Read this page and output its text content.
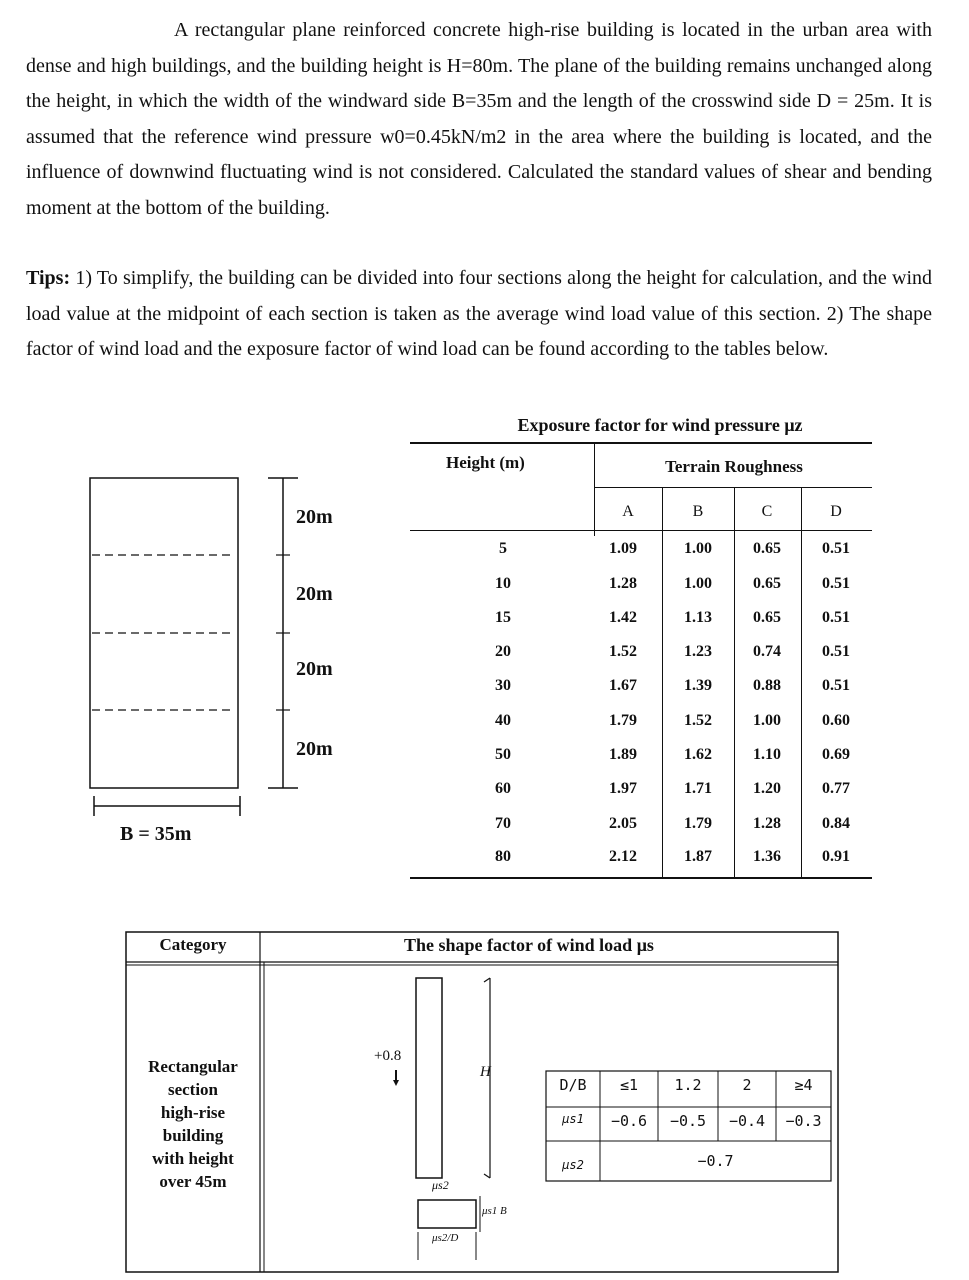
A rectangular plane reinforced concrete high-rise building is located in the urban area with dense and high buildings, and the building height is H=80m. The plane of the building remains unchanged along the height, in which the width of the windward side B=35m and the length of the crosswind side D = 25m. It is assumed that the reference wind pressure w0=0.45kN/m2 in the area where the building is located, and the influence of downwind fluctuating wind is not considered. Calculated the standard values of shear and bending moment at the bottom of the building.
Tips: 1) To simplify, the building can be divided into four sections along the height for calculation, and the wind load value at the midpoint of each section is taken as the average wind load value of this section. 2) The shape factor of wind load and the exposure factor of wind load can be found according to the tables below.
20m
20m
20m
20m
B = 35m
Exposure factor for wind pressure μz
Height (m)	Terrain Roughness
A	B	C	D
5	1.09	1.00	0.65	0.51
10	1.28	1.00	0.65	0.51
15	1.42	1.13	0.65	0.51
20	1.52	1.23	0.74	0.51
30	1.67	1.39	0.88	0.51
40	1.79	1.52	1.00	0.60
50	1.89	1.62	1.10	0.69
60	1.97	1.71	1.20	0.77
70	2.05	1.79	1.28	0.84
80	2.12	1.87	1.36	0.91
Category	The shape factor of wind load μs
Rectangular
section
high-rise
building
with height
over 45m
+0.8
H
μs2
μs1 B
μs2/D
D/B	≤1	1.2	2	≥4
μs1	−0.6	−0.5	−0.4	−0.3
μs2	−0.7
